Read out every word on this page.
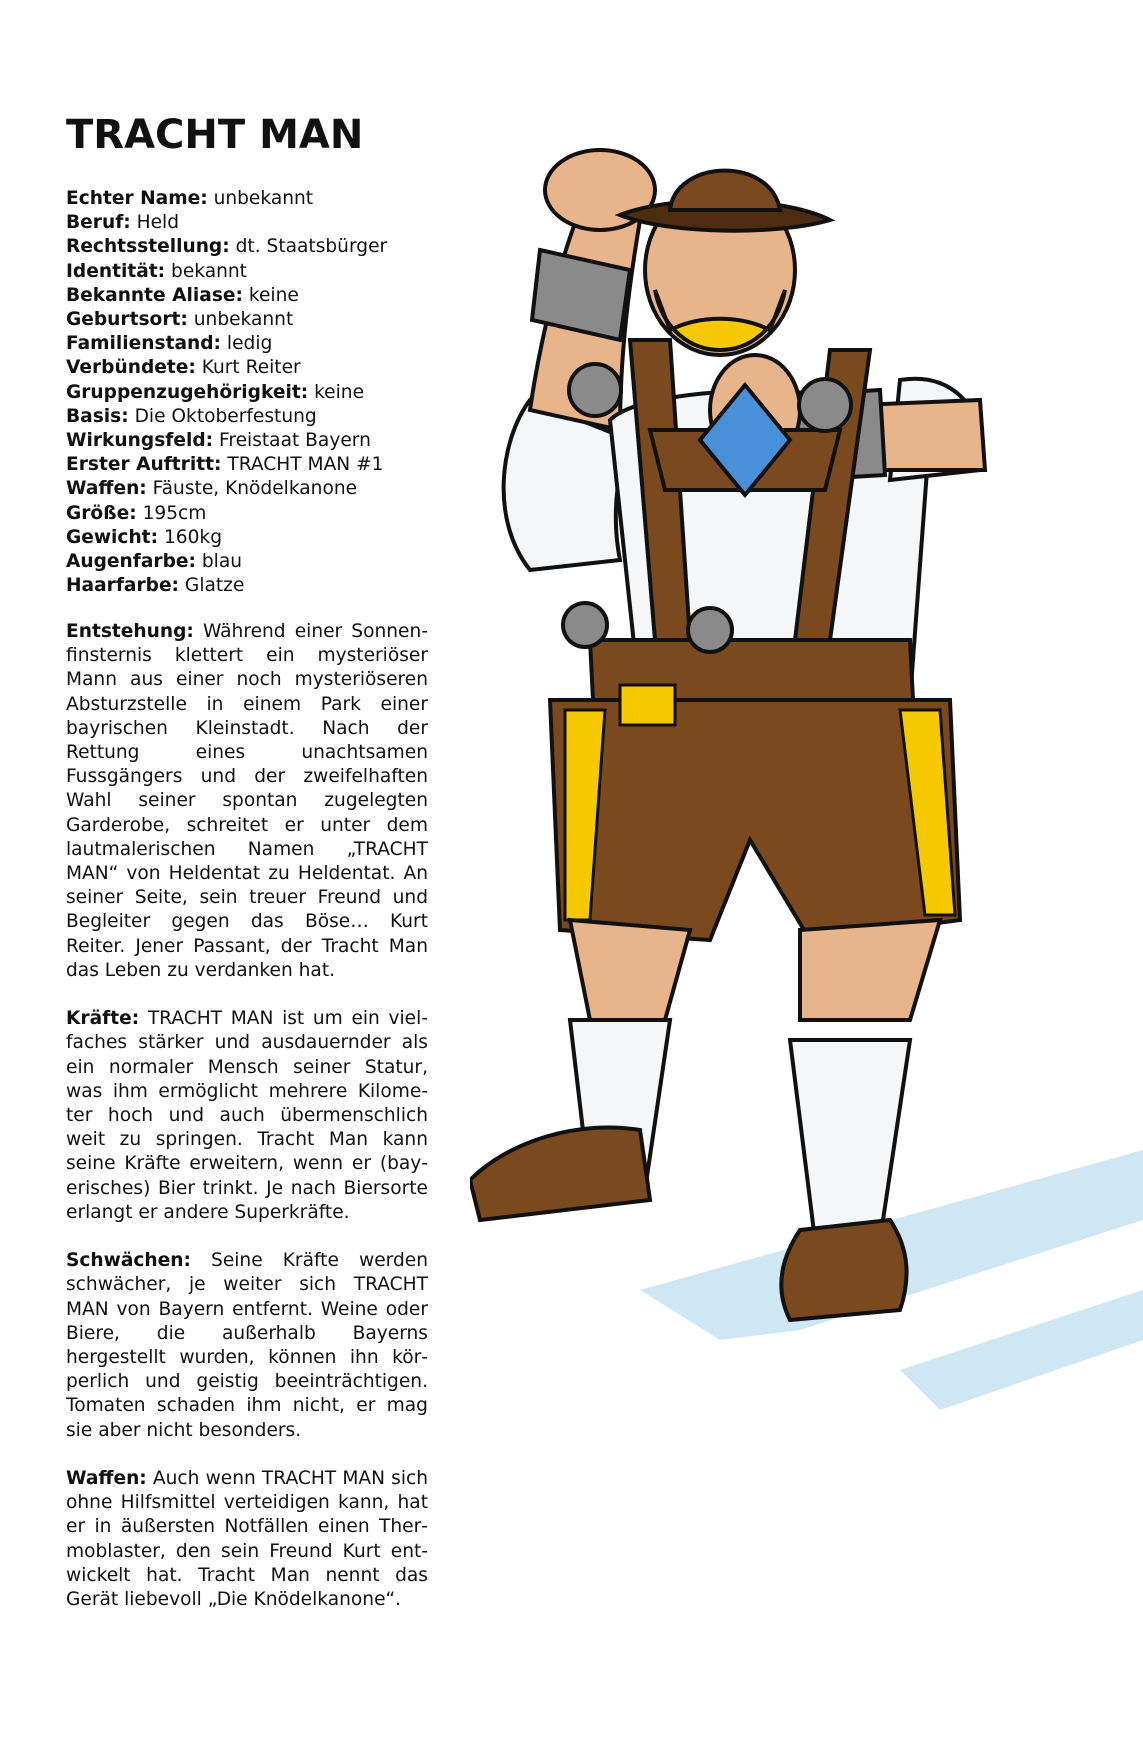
TRACHT MAN
Echter Name: unbekannt
Beruf: Held
Rechtsstellung: dt. Staatsbürger
Identität: bekannt
Bekannte Aliase: keine
Geburtsort: unbekannt
Familienstand: ledig
Verbündete: Kurt Reiter
Gruppenzugehörigkeit: keine
Basis: Die Oktoberfestung
Wirkungsfeld: Freistaat Bayern
Erster Auftritt: TRACHT MAN #1
Waffen: Fäuste, Knödelkanone
Größe: 195cm
Gewicht: 160kg
Augenfarbe: blau
Haarfarbe: Glatze

Entstehung: Während einer Sonnenfinsternis klettert ein mysteriöser Mann aus einer noch mysteriöseren Absturzstelle in einem Park einer bayrischen Kleinstadt. Nach der Rettung eines unachtsamen Fussgängers und der zweifelhaften Wahl seiner spontan zugelegten Garderobe, schreitet er unter dem lautmalerischen Namen „TRACHT MAN“ von Heldentat zu Heldentat. An seiner Seite, sein treuer Freund und Begleiter gegen das Böse… Kurt Reiter. Jener Passant, der Tracht Man das Leben zu verdanken hat.

Kräfte: TRACHT MAN ist um ein vielfaches stärker und ausdauernder als ein normaler Mensch seiner Statur, was ihm ermöglicht mehrere Kilometer hoch und auch übermenschlich weit zu springen. Tracht Man kann seine Kräfte erweitern, wenn er (bayerisches) Bier trinkt. Je nach Biersorte erlangt er andere Superkräfte.

Schwächen: Seine Kräfte werden schwächer, je weiter sich TRACHT MAN von Bayern entfernt. Weine oder Biere, die außerhalb Bayerns hergestellt wurden, können ihn körperlich und geistig beeinträchtigen. Tomaten schaden ihm nicht, er mag sie aber nicht besonders.

Waffen: Auch wenn TRACHT MAN sich ohne Hilfsmittel verteidigen kann, hat er in äußersten Notfällen einen Thermoblaster, den sein Freund Kurt entwickelt hat. Tracht Man nennt das Gerät liebevoll „Die Knödelkanone“.
